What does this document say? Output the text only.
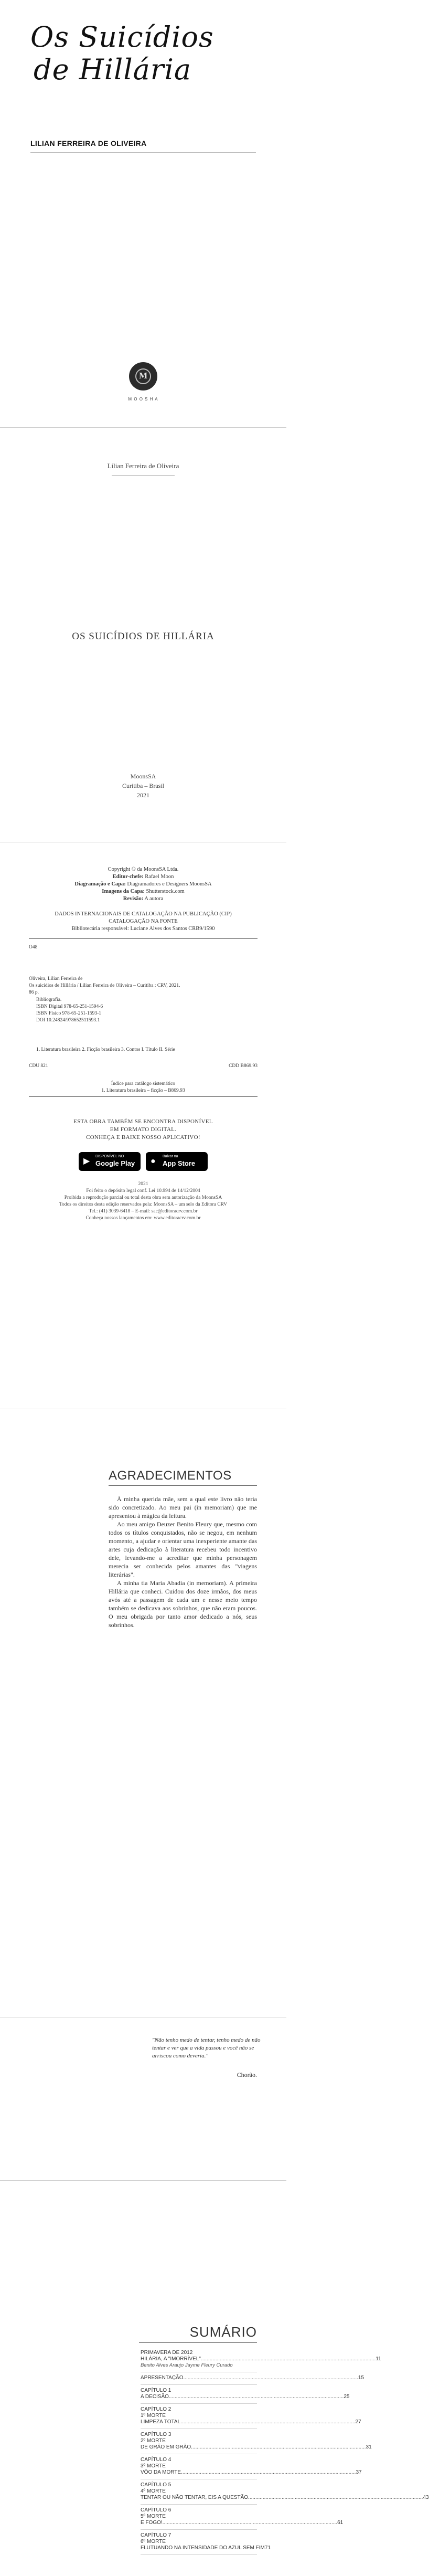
Os Suicídios
de Hillária
LILIAN FERREIRA DE OLIVEIRA
M
M O O S H A
Lilian Ferreira de Oliveira
OS SUICÍDIOS DE HILLÁRIA
MoonsSA
Curitiba – Brasil
2021
Copyright © da MoonsSA Ltda.
Editor-chefe: Rafael Moon
Diagramação e Capa: Diagramadores e Designers MoonsSA
Imagens da Capa: Shutterstock.com
Revisão: A autora
DADOS INTERNACIONAIS DE CATALOGAÇÃO NA PUBLICAÇÃO (CIP)
CATALOGAÇÃO NA FONTE
Bibliotecária responsável: Luciane Alves dos Santos CRB9/1590

O48

Oliveira, Lilian Ferreira de
Os suicídios de Hillária / Lilian Ferreira de Oliveira – Curitiba : CRV, 2021.
86 p.

Bibliografia.
ISBN Digital 978-65-251-1594-6
ISBN Físico 978-65-251-1593-1
DOI 10.24824/978652511593.1

1. Literatura brasileira 2. Ficção brasileira 3. Contos I. Título II. Série

CDU 821	CDD B869.93

Índice para catálogo sistemático
1. Literatura brasileira – ficção – B869.93

ESTA OBRA TAMBÉM SE ENCONTRA DISPONÍVEL
EM FORMATO DIGITAL.
CONHEÇA E BAIXE NOSSO APLICATIVO!
▶
DISPONÍVEL NO
Google Play ●
Baixar na
App Store
2021
Foi feito o depósito legal conf. Lei 10.994 de 14/12/2004
Proibida a reprodução parcial ou total desta obra sem autorização da MoonsSA
Todos os direitos desta edição reservados pela: MoonsSA – um selo da Editora CRV
Tel.: (41) 3039-6418 – E-mail: sac@editoracrv.com.br
Conheça nossos lançamentos em: www.editoracrv.com.br
AGRADECIMENTOS

À minha querida mãe, sem a qual este livro não teria sido concretizado. Ao meu pai (in memoriam) que me apresentou à mágica da leitura.

Ao meu amigo Deuzer Benito Fleury que, mesmo com todos os títulos conquistados, não se negou, em nenhum momento, a ajudar e orientar uma inexperiente amante das artes cuja dedicação à literatura recebeu todo incentivo dele, levando-me a acreditar que minha personagem merecia ser conhecida pelos amantes das "viagens literárias".

A minha tia Maria Abadia (in memoriam). A primeira Hillária que conheci. Cuidou dos doze irmãos, dos meus avós até a passagem de cada um e nesse meio tempo também se dedicava aos sobrinhos, que não eram poucos. O meu obrigada por tanto amor dedicado a nós, seus sobrinhos.

"Não tenho medo de tentar, tenho medo de não tentar e ver que a vida passou e você não se arriscou como deveria."
Chorão.
SUMÁRIO
PRIMAVERA DE 2012
HILÁRIA, A "IMORRÍVEL" ........................................................................................................................ 11
Benito Alves Araujo Jayme Fleury Curado
APRESENTAÇÃO ........................................................................................................................ 15
CAPÍTULO 1
A DECISÃO ........................................................................................................................ 25
CAPÍTULO 2
1º MORTE
LIMPEZA TOTAL ........................................................................................................................ 27
CAPÍTULO 3
2º MORTE
DE GRÃO EM GRÃO ........................................................................................................................ 31
CAPÍTULO 4
3º MORTE
VÔO DA MORTE ........................................................................................................................ 37
CAPÍTULO 5
4º MORTE
TENTAR OU NÃO TENTAR, EIS A QUESTÃO ........................................................................................................................ 43
CAPÍTULO 6
5º MORTE
E FOGO! ........................................................................................................................ 61
CAPÍTULO 7
6º MORTE
FLUTUANDO NA INTENSIDADE DO AZUL SEM FIM 71
